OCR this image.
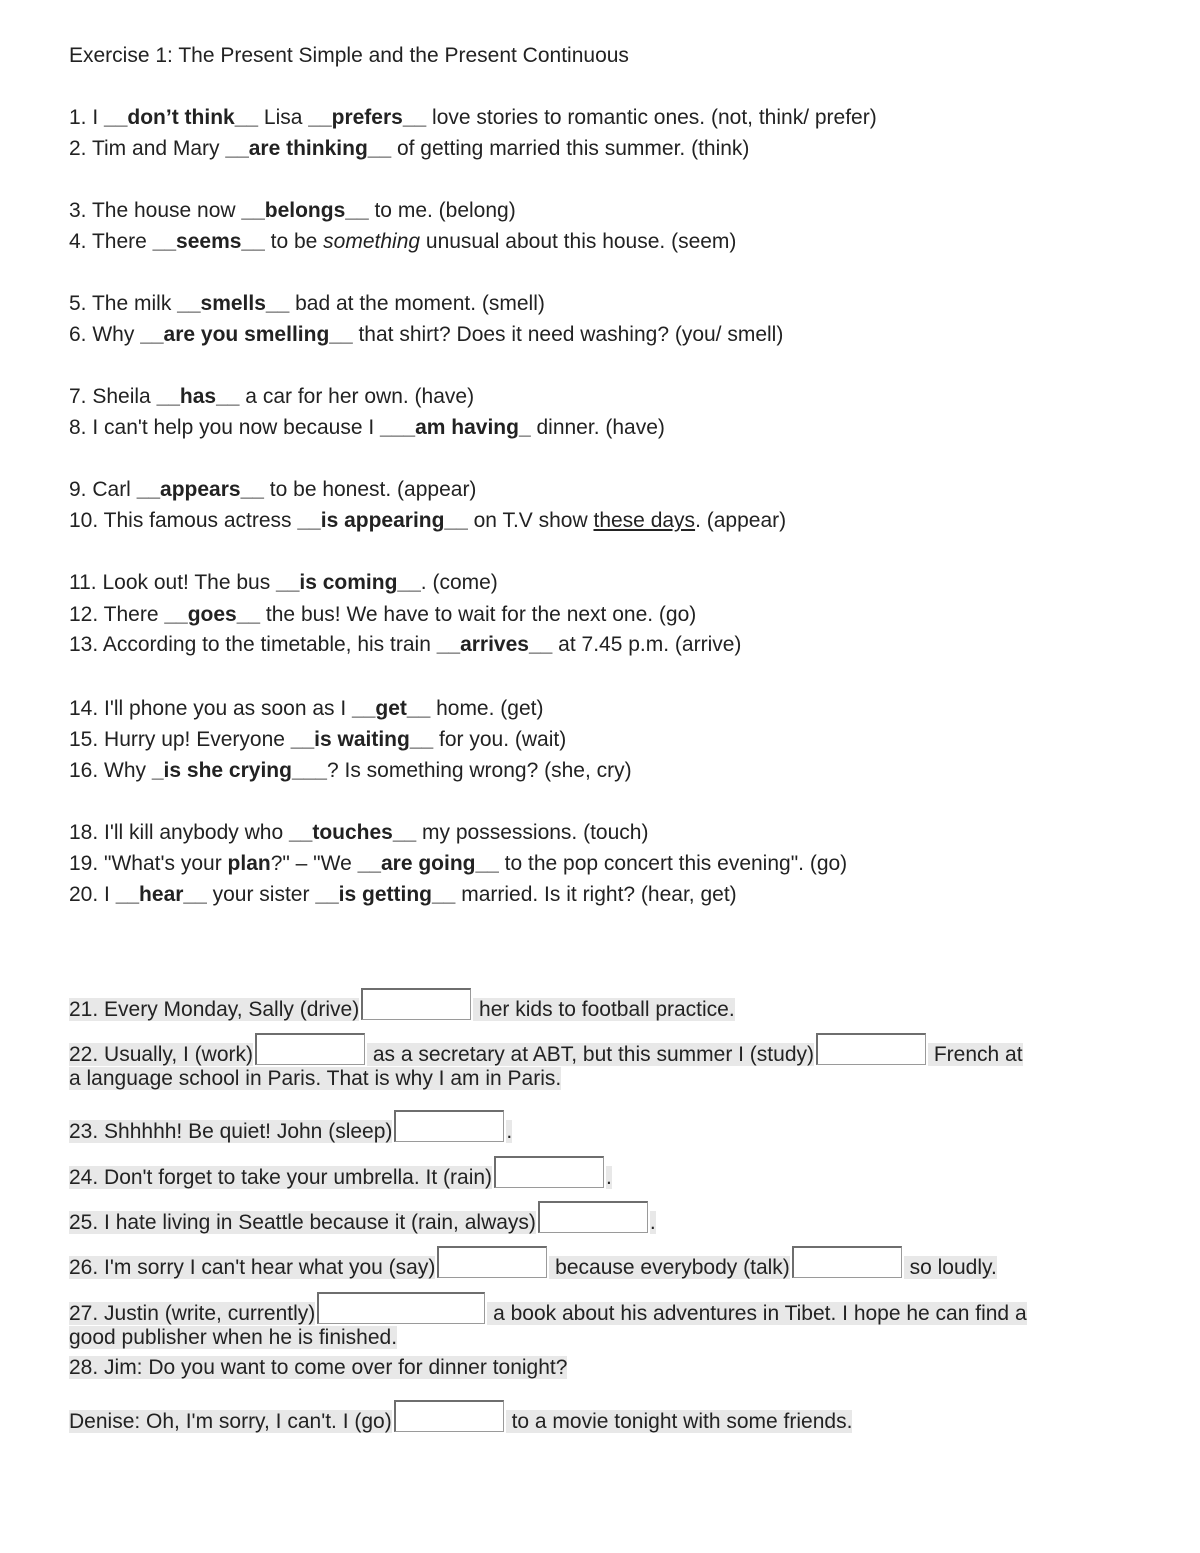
Exercise 1: The Present Simple and the Present Continuous
1. I __don’t think__ Lisa __prefers__ love stories to romantic ones. (not, think/ prefer)
2. Tim and Mary __are thinking__ of getting married this summer. (think)
3. The house now __belongs__ to me. (belong)
4. There __seems__ to be something unusual about this house. (seem)
5. The milk __smells__ bad at the moment. (smell)
6. Why __are you smelling__ that shirt? Does it need washing? (you/ smell)
7. Sheila __has__ a car for her own. (have)
8. I can't help you now because I ___am having_ dinner. (have)
9. Carl __appears__ to be honest. (appear)
10. This famous actress __is appearing__ on T.V show these days. (appear)
11. Look out! The bus __is coming__. (come)
12. There __goes__ the bus! We have to wait for the next one. (go)
13. According to the timetable, his train __arrives__ at 7.45 p.m. (arrive)
14. I'll phone you as soon as I __get__ home. (get)
15. Hurry up! Everyone __is waiting__ for you. (wait)
16. Why _is she crying___? Is something wrong? (she, cry)
18. I'll kill anybody who __touches__ my possessions. (touch)
19. "What's your plan?" – "We __are going__ to the pop concert this evening". (go)
20. I __hear__ your sister __is getting__ married. Is it right? (hear, get)
21. Every Monday, Sally (drive)	her kids to football practice.
22. Usually, I (work)	as a secretary at ABT, but this summer I (study)	French at
a language school in Paris. That is why I am in Paris.
23. Shhhhh! Be quiet! John (sleep)	.
24. Don't forget to take your umbrella. It (rain)	.
25. I hate living in Seattle because it (rain, always)	.
26. I'm sorry I can't hear what you (say)	because everybody (talk)	so loudly.
27. Justin (write, currently)	a book about his adventures in Tibet. I hope he can find a
good publisher when he is finished.
28. Jim: Do you want to come over for dinner tonight?
Denise: Oh, I'm sorry, I can't. I (go)	to a movie tonight with some friends.
